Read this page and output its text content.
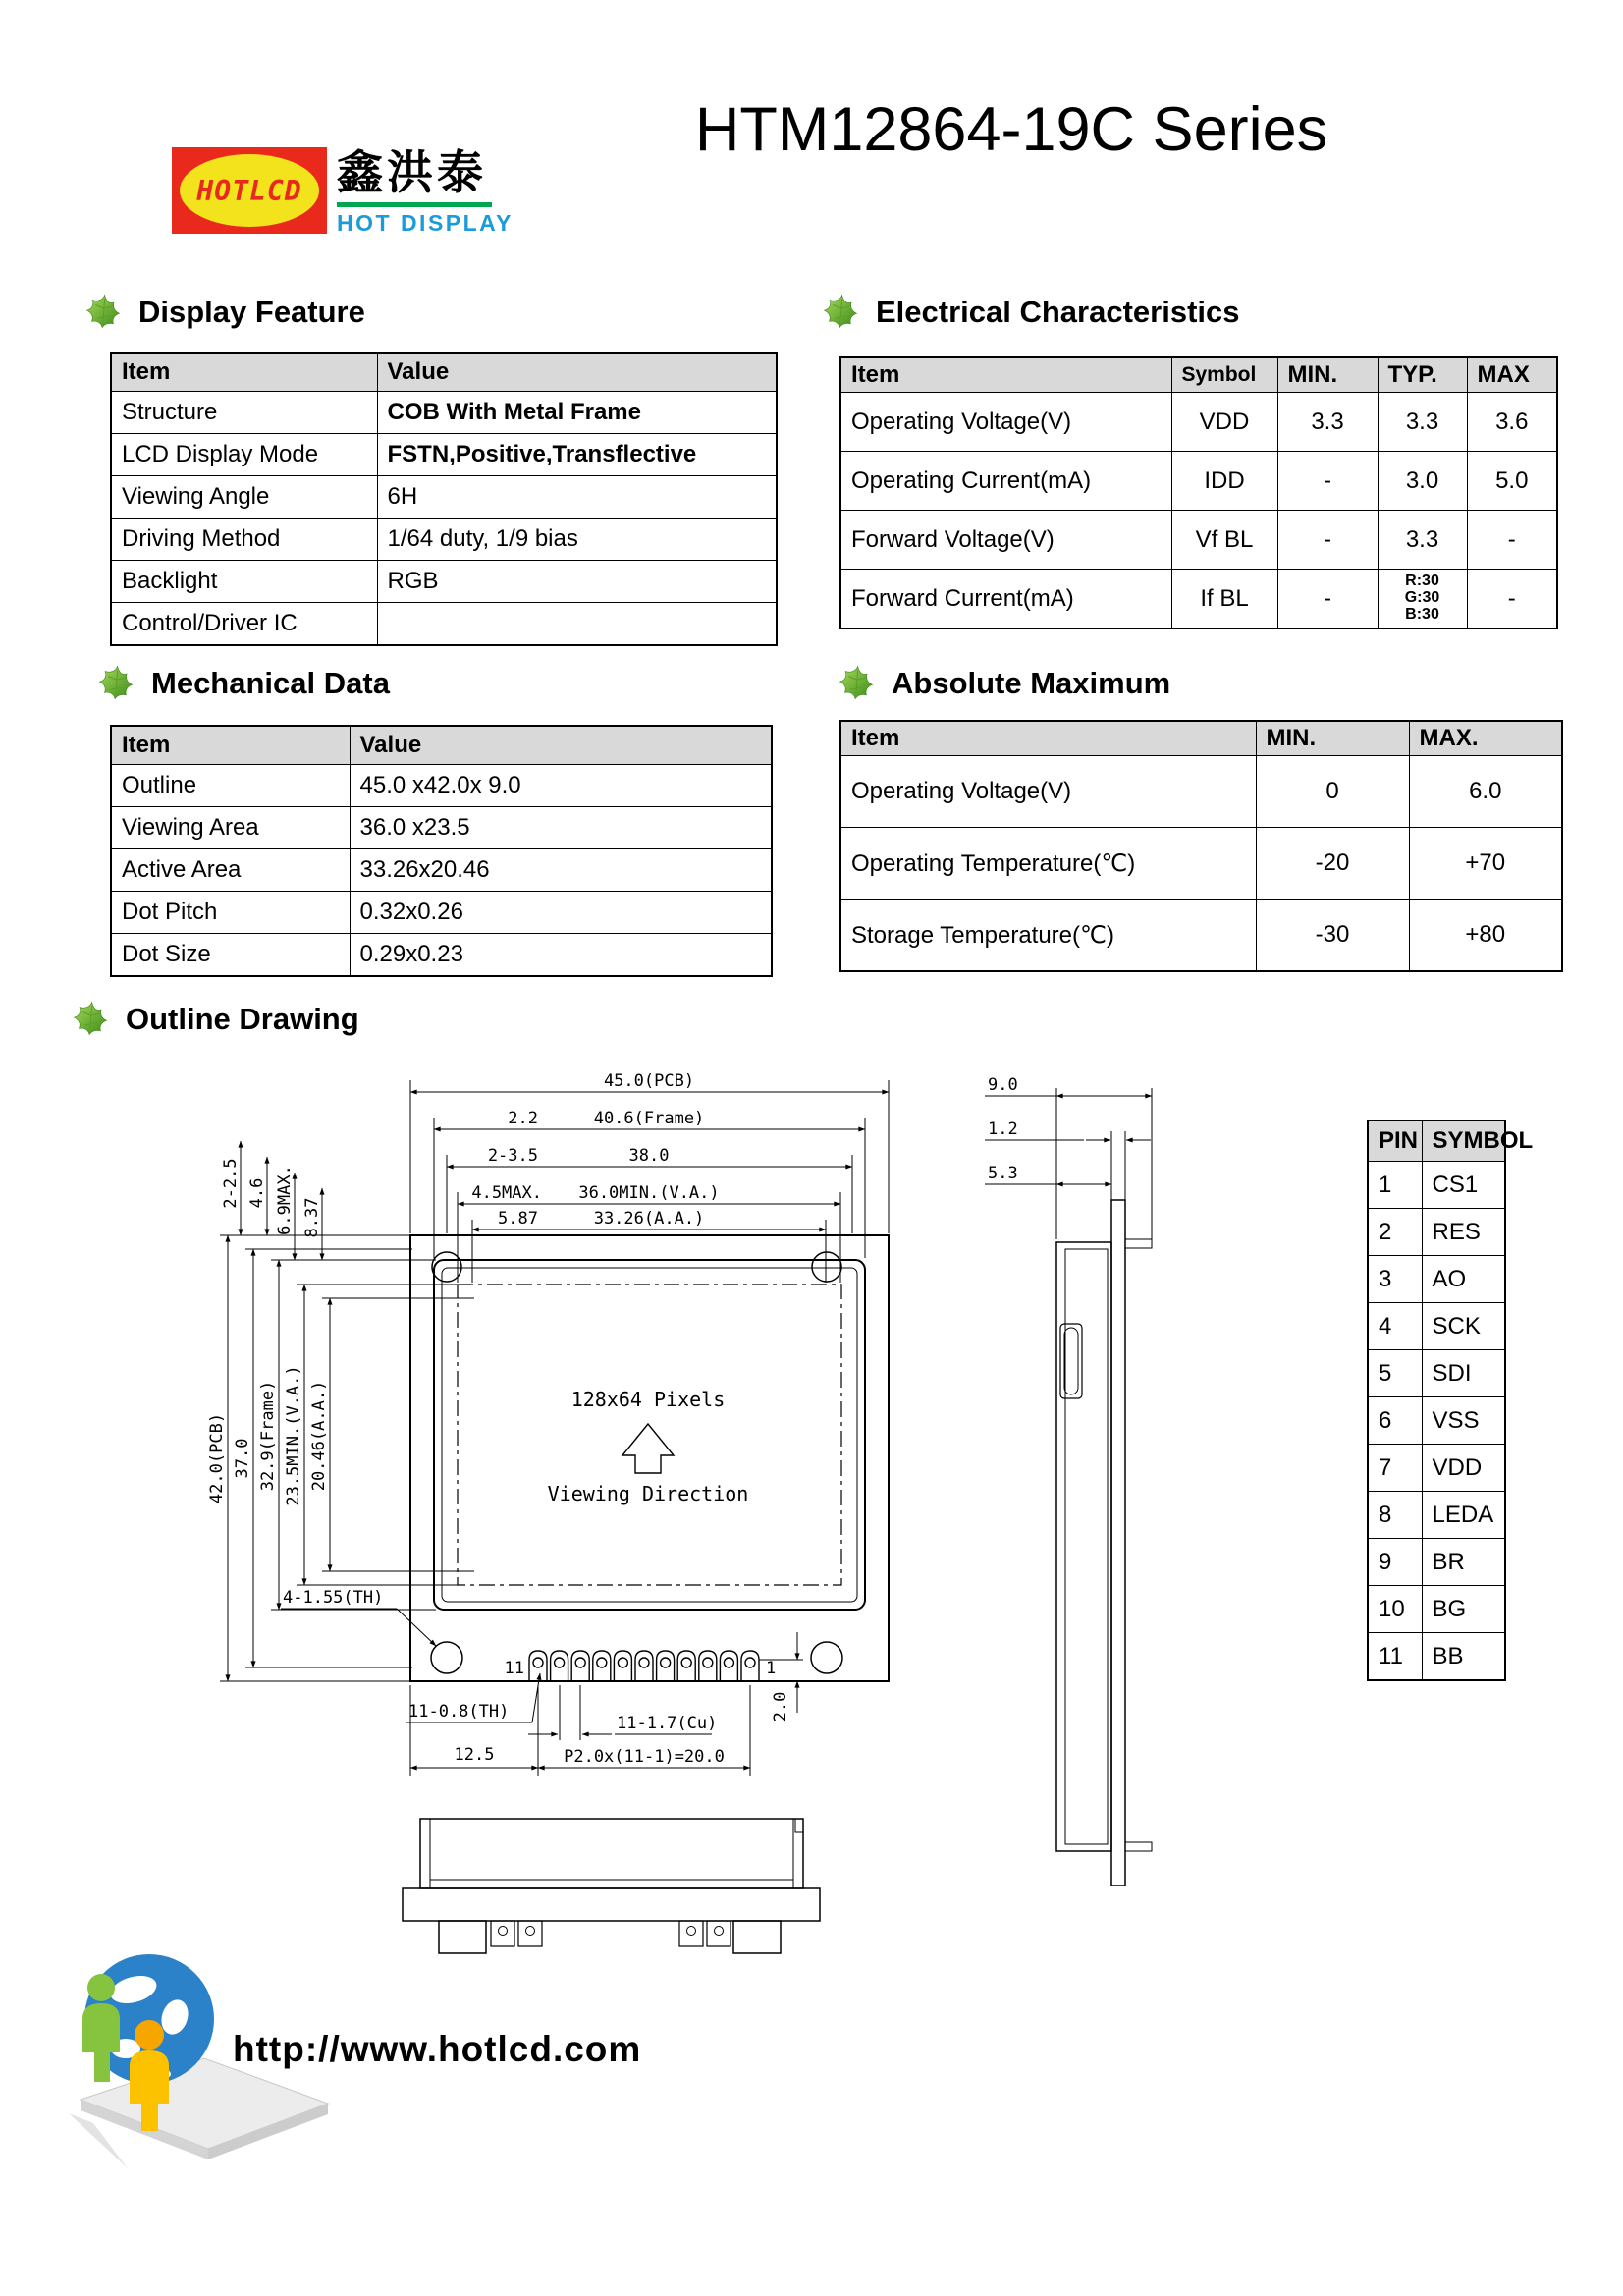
HOTLCD 鑫洪泰
HOT DISPLAY
HTM12864-19C Series
Display Feature	Electrical Characteristics
Mechanical Data	Absolute Maximum
Outline Drawing
Item	Value
Structure	COB With Metal Frame
LCD Display Mode	FSTN,Positive,Transflective
Viewing Angle	6H
Driving Method	1/64 duty, 1/9 bias
Backlight	RGB
Control/Driver IC	
Item	Symbol	MIN.	TYP.	MAX
Operating Voltage(V)	VDD	3.3	3.3	3.6
Operating Current(mA)	IDD	-	3.0	5.0
Forward Voltage(V)	Vf BL	-	3.3	-
Forward Current(mA)	If BL	-	R:30
G:30
B:30	-
Item	Value
Outline	45.0 x42.0x 9.0
Viewing Area	36.0 x23.5
Active Area	33.26x20.46
Dot Pitch	0.32x0.26
Dot Size	0.29x0.23
Item	MIN.	MAX.
Operating Voltage(V)	0	6.0
Operating Temperature(℃)	-20	+70
Storage Temperature(℃)	-30	+80
PIN	SYMBOL
1	CS1
2	RES
3	AO
4	SCK
5	SDI
6	VSS
7	VDD
8	LEDA
9	BR
10	BG
11	BB
128x64 Pixels
Viewing Direction
11	1
45.0(PCB)
40.6(Frame)
38.0
36.0MIN.(V.A.)
33.26(A.A.)
2.2
2-3.5
4.5MAX.
5.87
42.0(PCB) 37.0 32.9(Frame) 23.5MIN.(V.A.) 20.46(A.A.)
2-2.5 4.6 6.9MAX. 8.37
4-1.55(TH)
11-0.8(TH)
12.5
11-1.7(Cu)
P2.0x(11-1)=20.0
2.0
9.0
1.2
5.3
http://www.hotlcd.com
